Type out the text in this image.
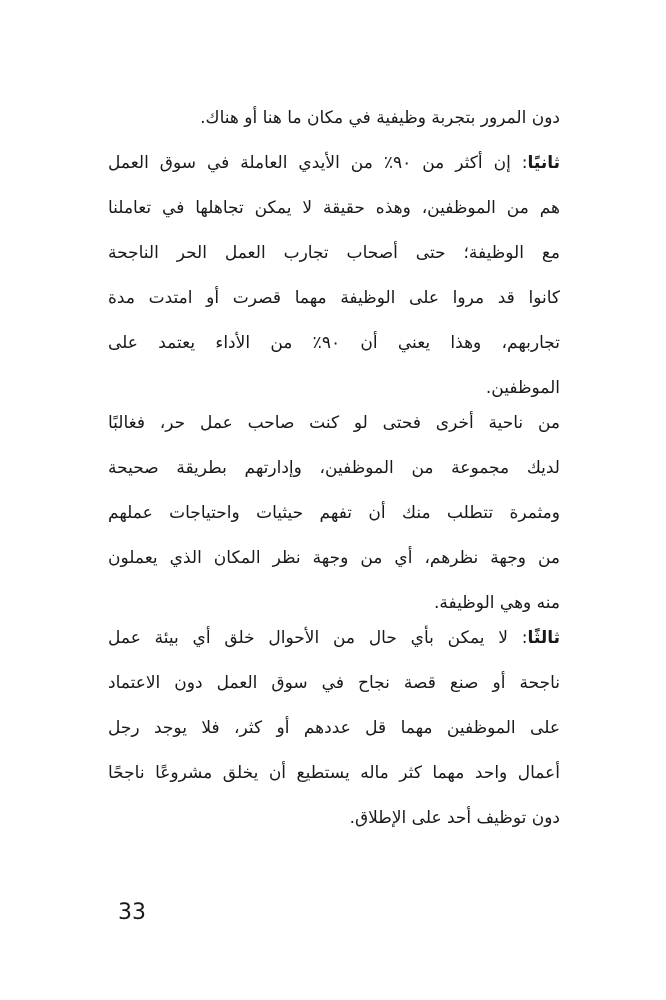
دون المرور بتجربة وظيفية في مكان ما هنا أو هناك.
ثانيًا: إن أكثر من ٩٠٪ من الأيدي العاملة في سوق العمل
هم من الموظفين، وهذه حقيقة لا يمكن تجاهلها في تعاملنا
مع الوظيفة؛ حتى أصحاب تجارب العمل الحر الناجحة
كانوا قد مروا على الوظيفة مهما قصرت أو امتدت مدة
تجاربهم، وهذا يعني أن ٩٠٪ من الأداء يعتمد على
الموظفين.
من ناحية أخرى فحتى لو كنت صاحب عمل حر، فغالبًا
لديك مجموعة من الموظفين، وإدارتهم بطريقة صحيحة
ومثمرة تتطلب منك أن تفهم حيثيات واحتياجات عملهم
من وجهة نظرهم، أي من وجهة نظر المكان الذي يعملون
منه وهي الوظيفة.
ثالثًا: لا يمكن بأي حال من الأحوال خلق أي بيئة عمل
ناجحة أو صنع قصة نجاح في سوق العمل دون الاعتماد
على الموظفين مهما قل عددهم أو كثر، فلا يوجد رجل
أعمال واحد مهما كثر ماله يستطيع أن يخلق مشروعًا ناجحًا
دون توظيف أحد على الإطلاق.
33
